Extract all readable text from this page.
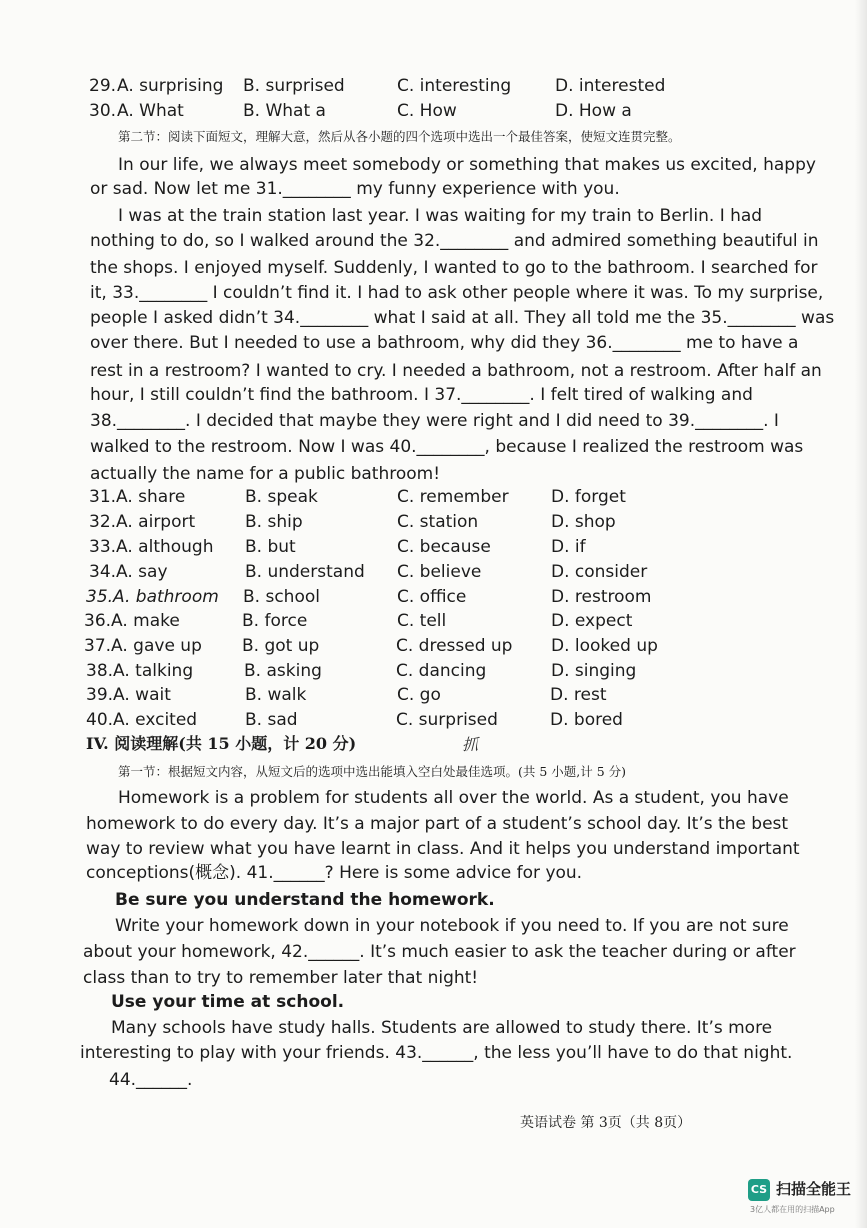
29. A. surprising B. surprised	C. interesting	D. interested
30. A. What	B. What a	C. How	D. How a
第二节：阅读下面短文，理解大意，然后从各小题的四个选项中选出一个最佳答案，使短文连贯完整。
In our life, we always meet somebody or something that makes us excited, happy
or sad. Now let me 31.________ my funny experience with you.
I was at the train station last year. I was waiting for my train to Berlin. I had
nothing to do, so I walked around the 32.________ and admired something beautiful in
the shops. I enjoyed myself. Suddenly, I wanted to go to the bathroom. I searched for
it, 33.________ I couldn’t find it. I had to ask other people where it was. To my surprise,
people I asked didn’t 34.________ what I said at all. They all told me the 35.________ was
over there. But I needed to use a bathroom, why did they 36.________ me to have a
rest in a restroom? I wanted to cry. I needed a bathroom, not a restroom. After half an
hour, I still couldn’t find the bathroom. I 37.________. I felt tired of walking and
38.________. I decided that maybe they were right and I did need to 39.________. I
walked to the restroom. Now I was 40.________, because I realized the restroom was
actually the name for a public bathroom!
31.A. share	B. speak	C. remember D. forget
32.A. airport	B. ship	C. station	D. shop
33.A. although B. but	C. because	D. if
34.A. say	B. understand C. believe	D. consider
35.A. bathroom B. school	C. office	D. restroom
36.A. make	B. force	C. tell	D. expect
37.A. gave up B. got up	C. dressed up D. looked up
38.A. talking	B. asking	C. dancing	D. singing
39.A. wait	B. walk	C. go	D. rest
40.A. excited	B. sad	C. surprised	D. bored
IV. 阅读理解(共 15 小题，计 20 分)	抓
第一节：根据短文内容，从短文后的选项中选出能填入空白处最佳选项。(共 5 小题,计 5 分)
Homework is a problem for students all over the world. As a student, you have
homework to do every day. It’s a major part of a student’s school day. It’s the best
way to review what you have learnt in class. And it helps you understand important
conceptions(概念). 41.______? Here is some advice for you.
Be sure you understand the homework.
Write your homework down in your notebook if you need to. If you are not sure
about your homework, 42.______. It’s much easier to ask the teacher during or after
class than to try to remember later that night!
Use your time at school.
Many schools have study halls. Students are allowed to study there. It’s more
interesting to play with your friends. 43.______, the less you’ll have to do that night.
44.______.
英语试卷 第 3页（共 8页）
CS 扫描全能王
3亿人都在用的扫描App
